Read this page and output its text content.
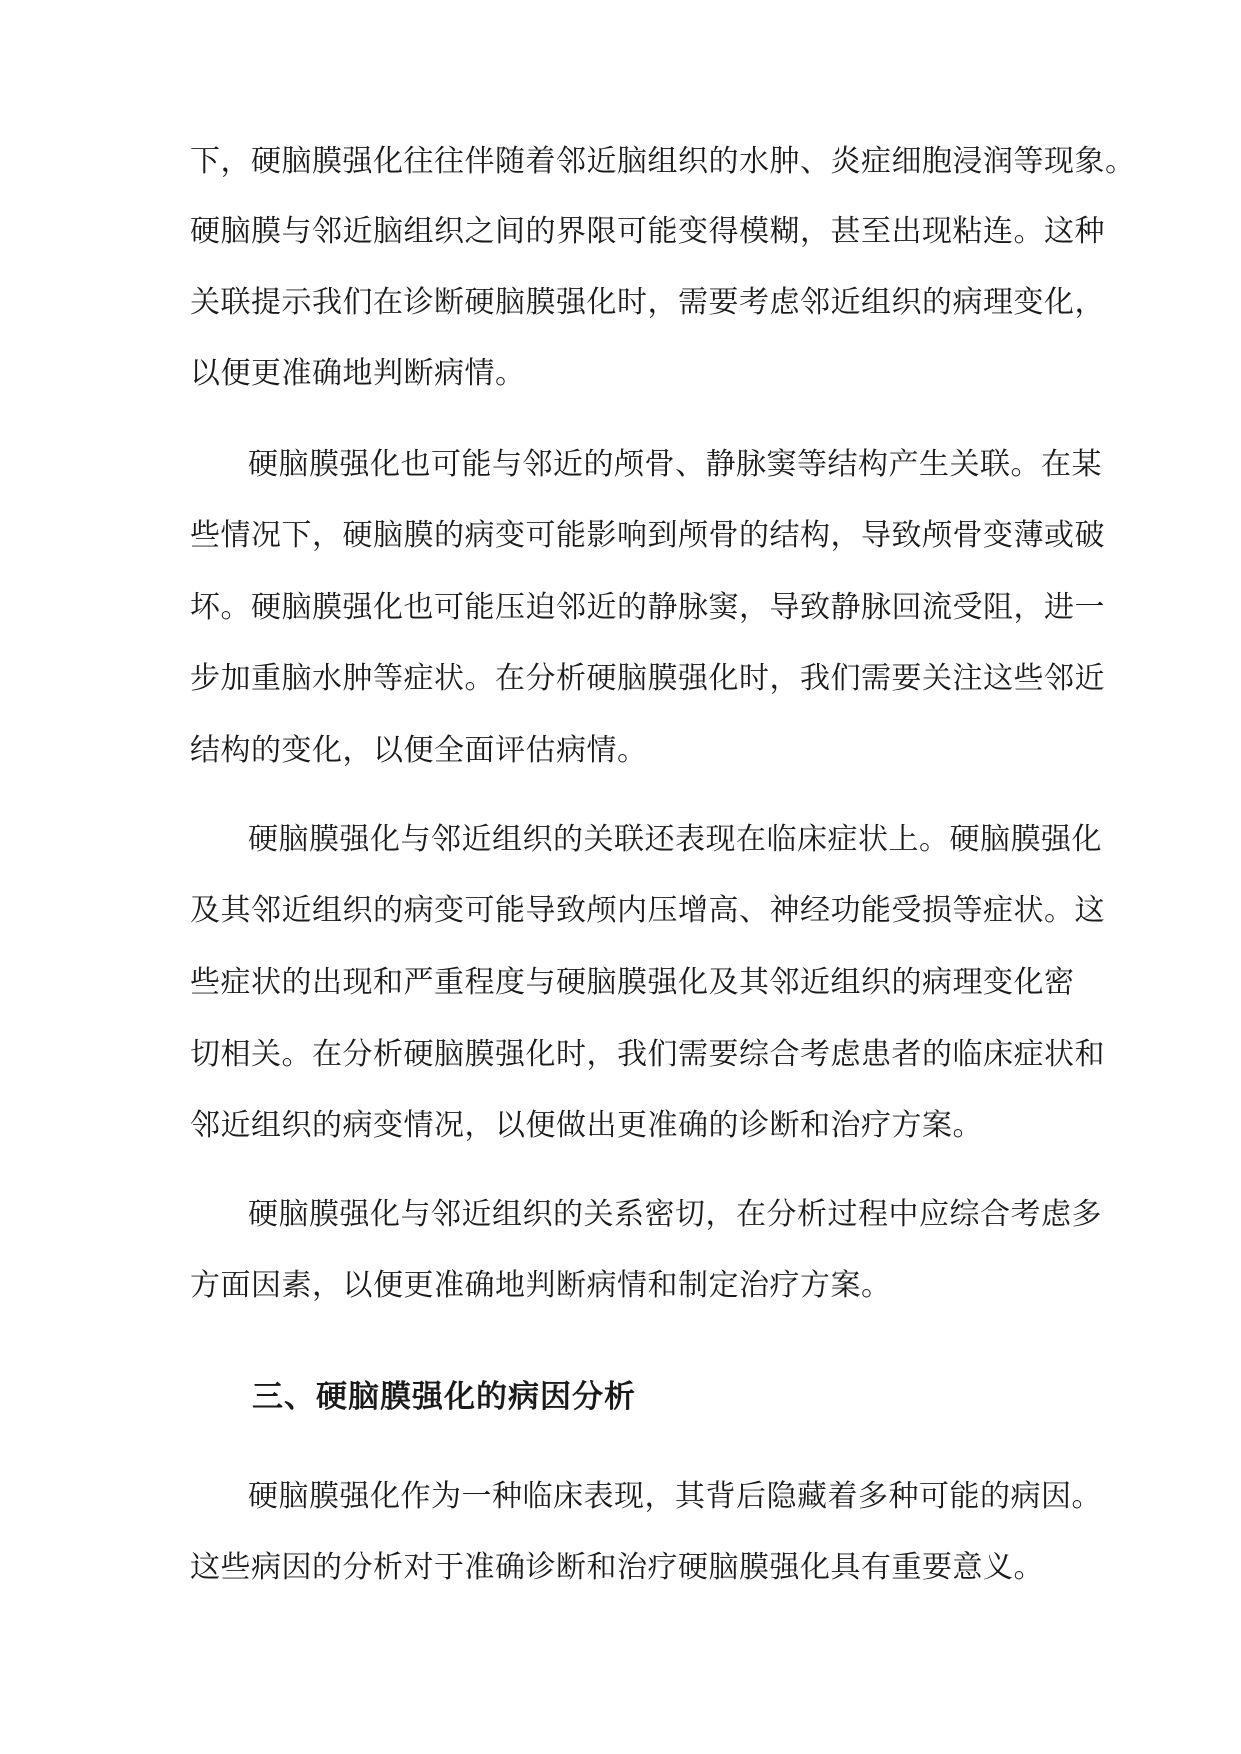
下，硬脑膜强化往往伴随着邻近脑组织的水肿、炎症细胞浸润等现象。
硬脑膜与邻近脑组织之间的界限可能变得模糊，甚至出现粘连。这种
关联提示我们在诊断硬脑膜强化时，需要考虑邻近组织的病理变化，
以便更准确地判断病情。
硬脑膜强化也可能与邻近的颅骨、静脉窦等结构产生关联。在某
些情况下，硬脑膜的病变可能影响到颅骨的结构，导致颅骨变薄或破
坏。硬脑膜强化也可能压迫邻近的静脉窦，导致静脉回流受阻，进一
步加重脑水肿等症状。在分析硬脑膜强化时，我们需要关注这些邻近
结构的变化，以便全面评估病情。
硬脑膜强化与邻近组织的关联还表现在临床症状上。硬脑膜强化
及其邻近组织的病变可能导致颅内压增高、神经功能受损等症状。这
些症状的出现和严重程度与硬脑膜强化及其邻近组织的病理变化密
切相关。在分析硬脑膜强化时，我们需要综合考虑患者的临床症状和
邻近组织的病变情况，以便做出更准确的诊断和治疗方案。
硬脑膜强化与邻近组织的关系密切，在分析过程中应综合考虑多
方面因素，以便更准确地判断病情和制定治疗方案。
三、硬脑膜强化的病因分析
硬脑膜强化作为一种临床表现，其背后隐藏着多种可能的病因。
这些病因的分析对于准确诊断和治疗硬脑膜强化具有重要意义。
